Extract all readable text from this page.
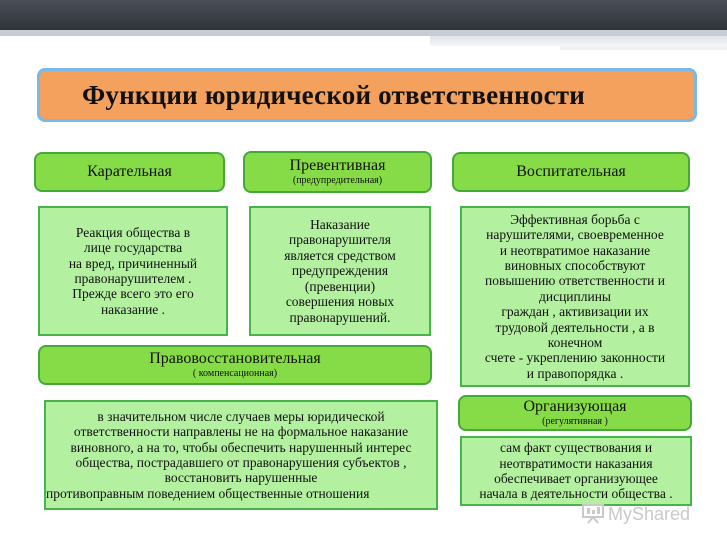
Функции юридической ответственности
Карательная
Реакция общества в
лице государства
на вред, причиненный
правонарушителем .
Прежде всего это его
наказание .
Превентивная
(предупредительная)
Наказание
правонарушителя
является средством
предупреждения
(превенции)
совершения новых
правонарушений.
Воспитательная
Эффективная борьба с
нарушителями, своевременное
и неотвратимое наказание
виновных способствуют
повышению ответственности и
дисциплины
граждан , активизации их
трудовой деятельности , а в
конечном
счете - укреплению законности
и правопорядка .
Правовосстановительная
( компенсационная)
в значительном числе случаев меры юридической
ответственности направлены не на формальное наказание
виновного, а на то, чтобы обеспечить нарушенный интерес
общества, пострадавшего от правонарушения субъектов ,
восстановить нарушенные
противоправным поведением общественные отношения
Организующая
(регулятивная )
сам факт существования и
неотвратимости наказания
обеспечивает организующее
начала в деятельности общества .
MyShared
